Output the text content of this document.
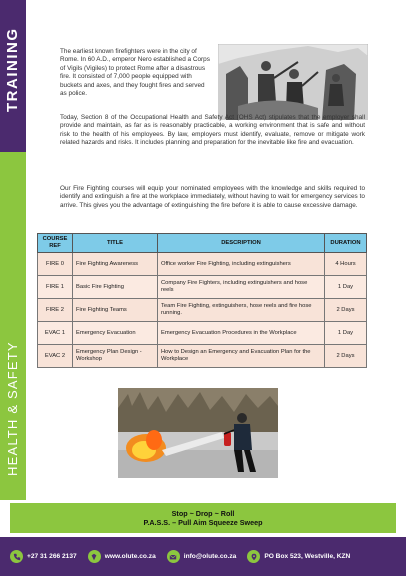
TRAINING
HEALTH & SAFETY

The earliest known firefighters were in the city of Rome. In 60 A.D., emperor Nero established a Corps of Vigils (Vigiles) to protect Rome after a disastrous fire. It consisted of 7,000 people equipped with buckets and axes, and they fought fires and served as police.

Today, Section 8 of the Occupational Health and Safety Act (OHS Act) stipulates that the employer shall provide and maintain, as far as is reasonably practicable, a working environment that is safe and without risk to the health of his employees. By law, employers must identify, evaluate, remove or mitigate work related hazards and risks. It includes planning and preparation for the inevitable like fire and evacuation.

Our Fire Fighting courses will equip your nominated employees with the knowledge and skills required to identify and extinguish a fire at the workplace immediately, without having to wait for emergency services to arrive. This gives you the advantage of extinguishing the fire before it is able to cause excessive damage.

COURSE REF	TITLE	DESCRIPTION	DURATION
FIRE 0	Fire Fighting Awareness	Office worker Fire Fighting, including extinguishers	4 Hours
FIRE 1	Basic Fire Fighting	Company Fire Fighters, including extinguishers and hose reels	1 Day
FIRE 2	Fire Fighting Teams	Team Fire Fighting, extinguishers, hose reels and fire hose running.	2 Days
EVAC 1	Emergency Evacuation	Emergency Evacuation Procedures in the Workplace	1 Day
EVAC 2	Emergency Plan Design - Workshop	How to Design an Emergency and Evacuation Plan for the Workplace	2 Days
Stop ~ Drop ~ Roll
P.A.S.S. – Pull Aim Squeeze Sweep
+27 31 266 2137	www.olute.co.za	info@olute.co.za	PO Box 523, Westville, KZN
